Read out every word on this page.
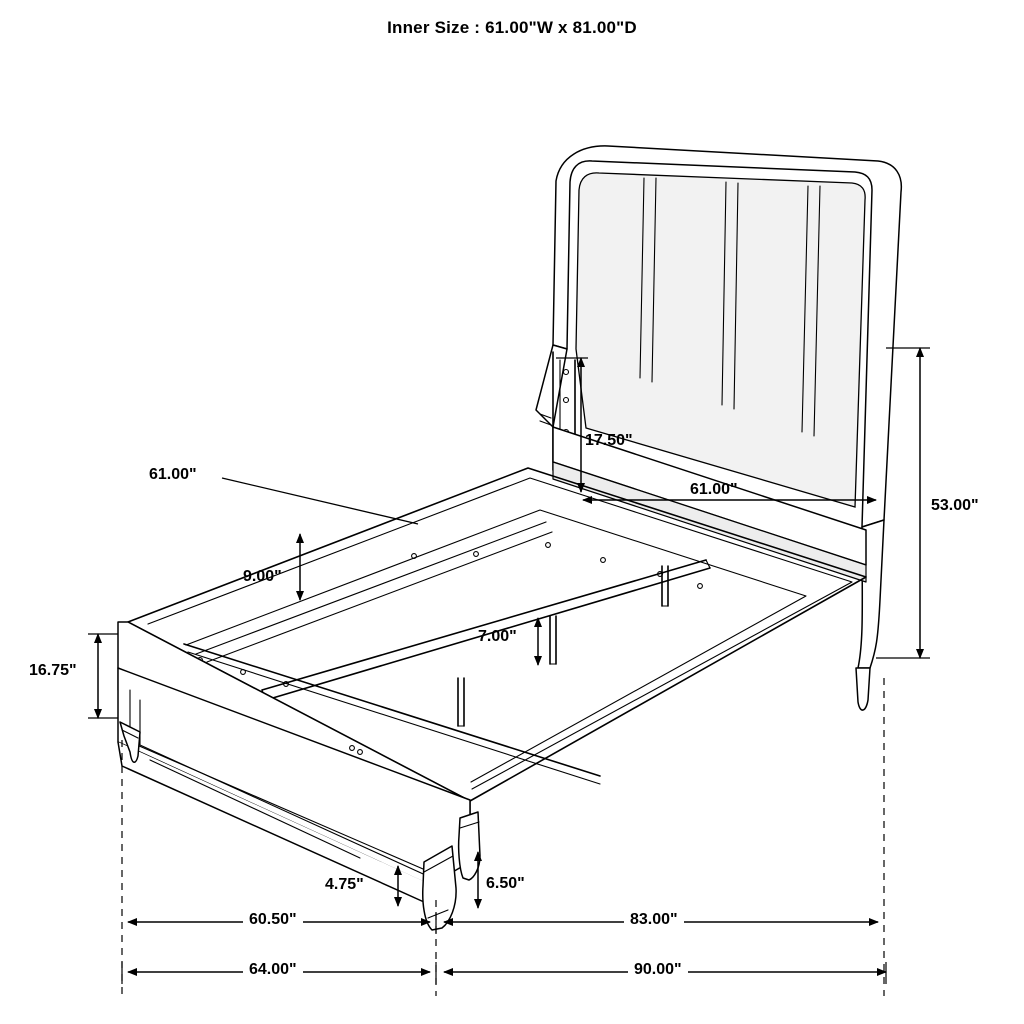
Inner Size : 61.00"W x 81.00"D
17.50"
61.00"
61.00"
53.00"
9.00"
7.00"
16.75"
4.75"	6.50"
60.50"	83.00"
64.00"	90.00"
